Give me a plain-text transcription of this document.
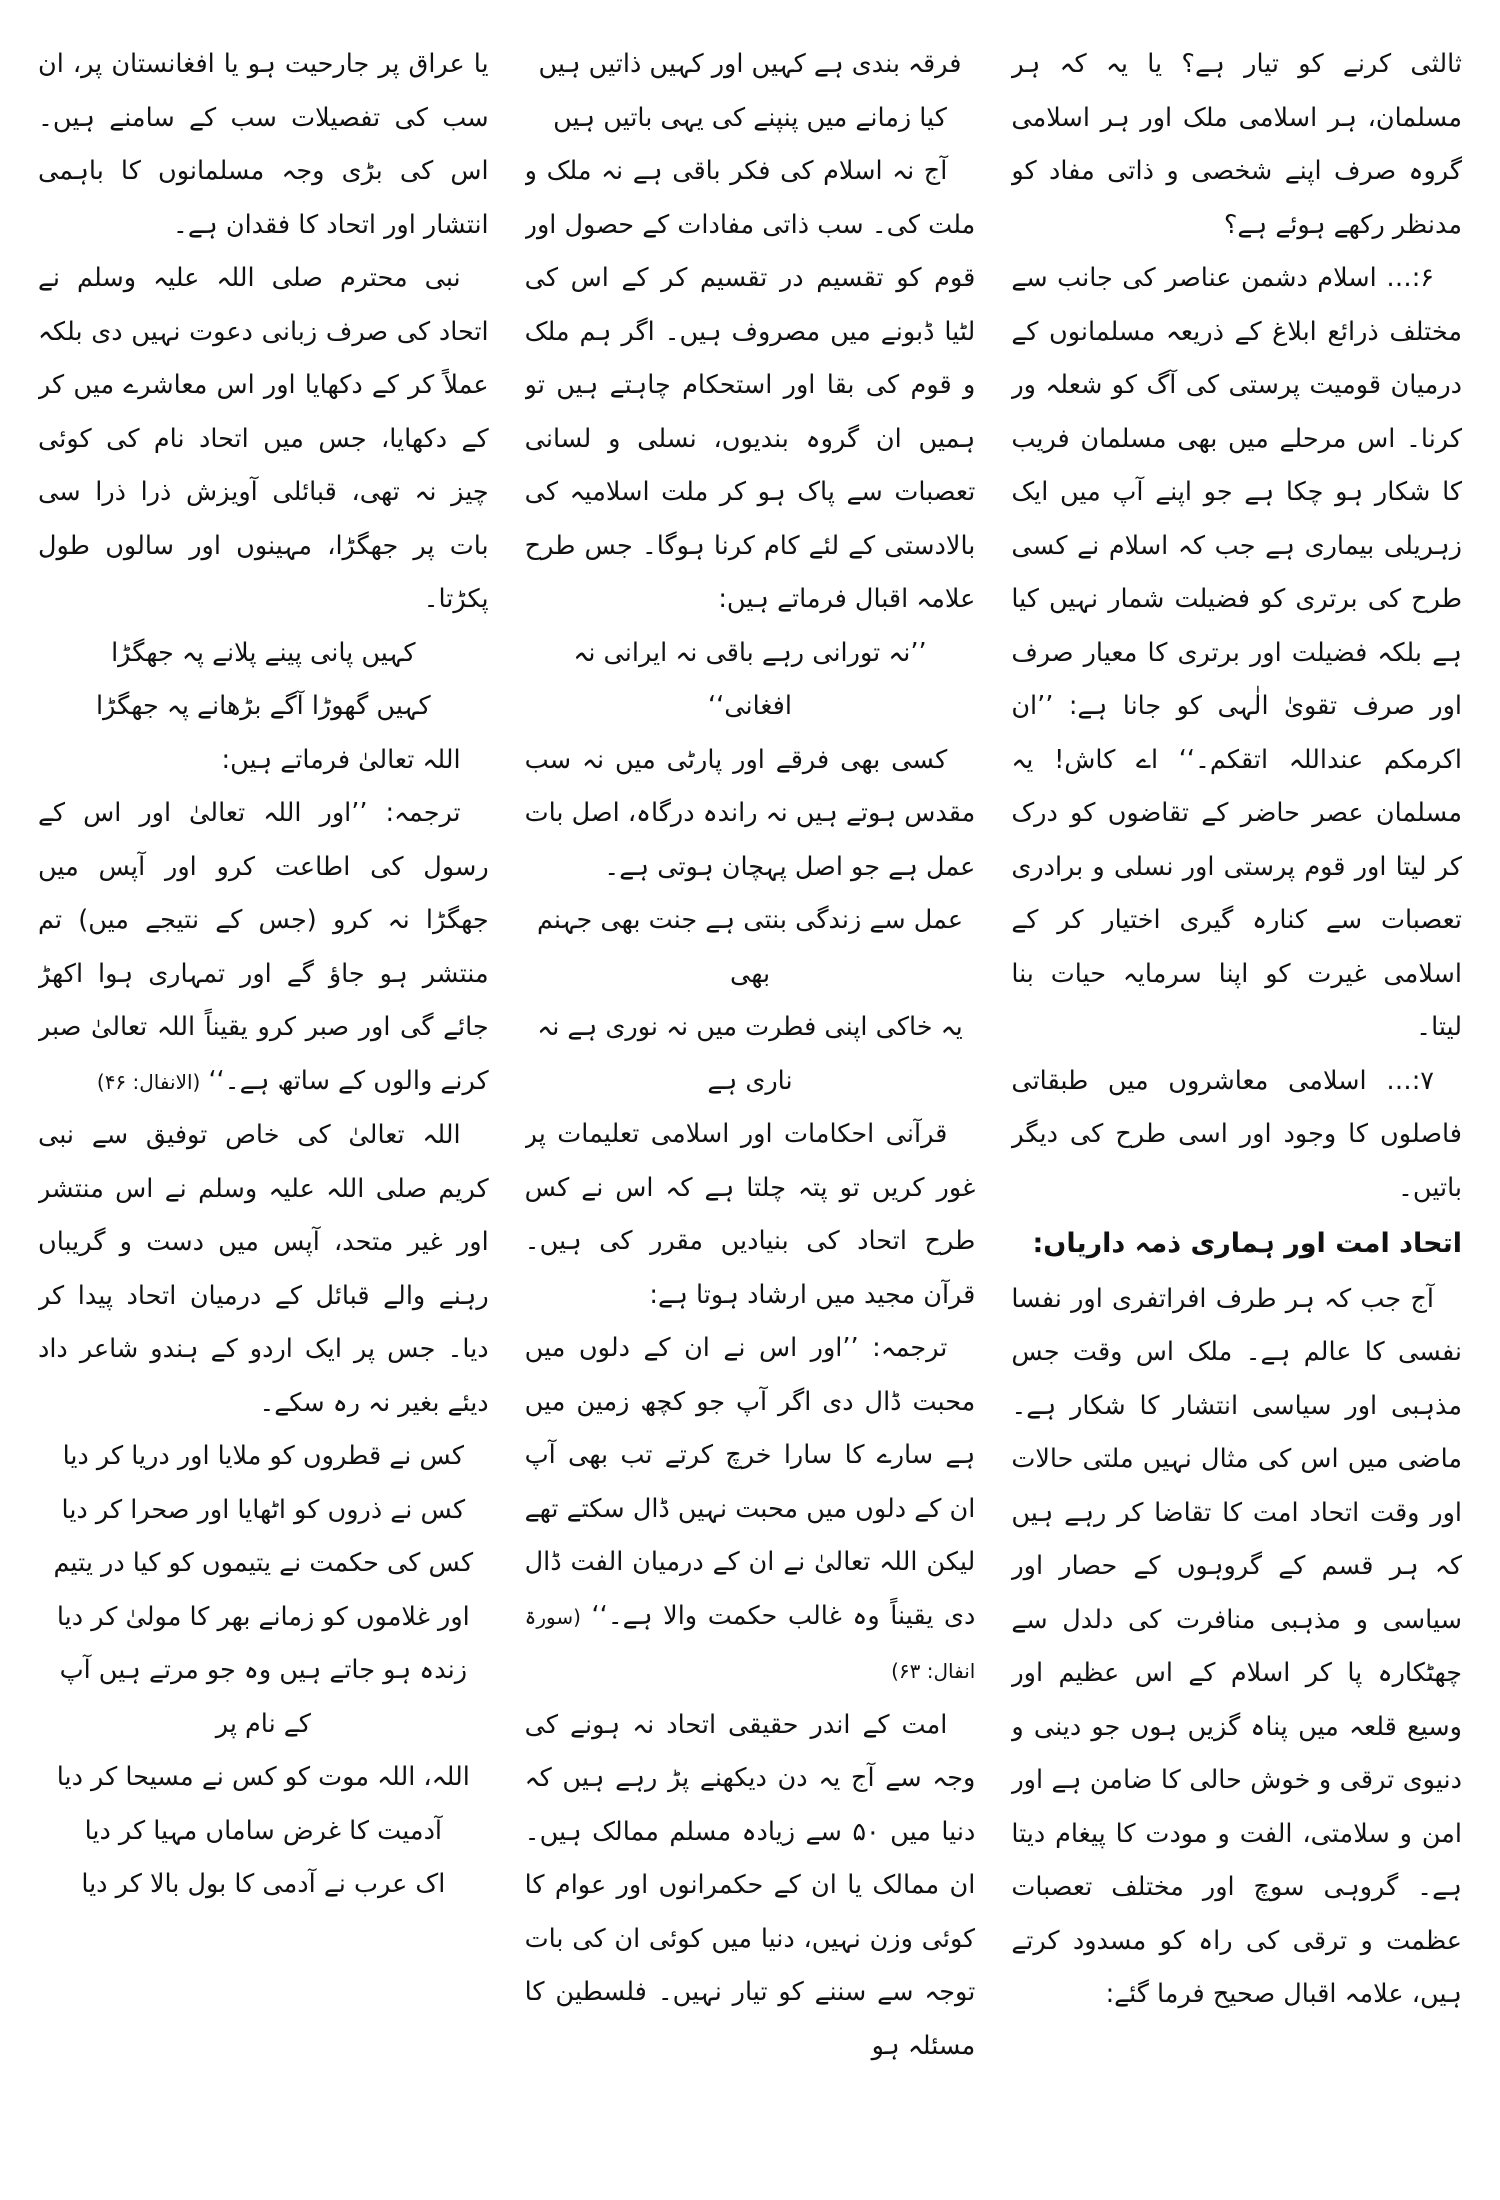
ثالثی کرنے کو تیار ہے؟ یا یہ کہ ہر مسلمان، ہر اسلامی ملک اور ہر اسلامی گروہ صرف اپنے شخصی و ذاتی مفاد کو مدنظر رکھے ہوئے ہے؟

۶:… اسلام دشمن عناصر کی جانب سے مختلف ذرائع ابلاغ کے ذریعہ مسلمانوں کے درمیان قومیت پرستی کی آگ کو شعلہ ور کرنا۔ اس مرحلے میں بھی مسلمان فریب کا شکار ہو چکا ہے جو اپنے آپ میں ایک زہریلی بیماری ہے جب کہ اسلام نے کسی طرح کی برتری کو فضیلت شمار نہیں کیا ہے بلکہ فضیلت اور برتری کا معیار صرف اور صرف تقویٰ الٰہی کو جانا ہے: ’’ان اکرمکم عنداللہ اتقکم۔‘‘ اے کاش! یہ مسلمان عصر حاضر کے تقاضوں کو درک کر لیتا اور قوم پرستی اور نسلی و برادری تعصبات سے کنارہ گیری اختیار کر کے اسلامی غیرت کو اپنا سرمایہ حیات بنا لیتا۔

۷:… اسلامی معاشروں میں طبقاتی فاصلوں کا وجود اور اسی طرح کی دیگر باتیں۔

اتحاد امت اور ہماری ذمہ داریاں:

آج جب کہ ہر طرف افراتفری اور نفسا نفسی کا عالم ہے۔ ملک اس وقت جس مذہبی اور سیاسی انتشار کا شکار ہے۔ ماضی میں اس کی مثال نہیں ملتی حالات اور وقت اتحاد امت کا تقاضا کر رہے ہیں کہ ہر قسم کے گروہوں کے حصار اور سیاسی و مذہبی منافرت کی دلدل سے چھٹکارہ پا کر اسلام کے اس عظیم اور وسیع قلعہ میں پناہ گزیں ہوں جو دینی و دنیوی ترقی و خوش حالی کا ضامن ہے اور امن و سلامتی، الفت و مودت کا پیغام دیتا ہے۔ گروہی سوچ اور مختلف تعصبات عظمت و ترقی کی راہ کو مسدود کرتے ہیں، علامہ اقبال صحیح فرما گئے:

فرقہ بندی ہے کہیں اور کہیں ذاتیں ہیں
کیا زمانے میں پنپنے کی یہی باتیں ہیں

آج نہ اسلام کی فکر باقی ہے نہ ملک و ملت کی۔ سب ذاتی مفادات کے حصول اور قوم کو تقسیم در تقسیم کر کے اس کی لٹیا ڈبونے میں مصروف ہیں۔ اگر ہم ملک و قوم کی بقا اور استحکام چاہتے ہیں تو ہمیں ان گروہ بندیوں، نسلی و لسانی تعصبات سے پاک ہو کر ملت اسلامیہ کی بالادستی کے لئے کام کرنا ہوگا۔ جس طرح علامہ اقبال فرماتے ہیں:

’’نہ تورانی رہے باقی نہ ایرانی نہ افغانی‘‘

کسی بھی فرقے اور پارٹی میں نہ سب مقدس ہوتے ہیں نہ راندہ درگاہ، اصل بات عمل ہے جو اصل پہچان ہوتی ہے۔

عمل سے زندگی بنتی ہے جنت بھی جہنم بھی
یہ خاکی اپنی فطرت میں نہ نوری ہے نہ ناری ہے

قرآنی احکامات اور اسلامی تعلیمات پر غور کریں تو پتہ چلتا ہے کہ اس نے کس طرح اتحاد کی بنیادیں مقرر کی ہیں۔ قرآن مجید میں ارشاد ہوتا ہے:

ترجمہ: ’’اور اس نے ان کے دلوں میں محبت ڈال دی اگر آپ جو کچھ زمین میں ہے سارے کا سارا خرچ کرتے تب بھی آپ ان کے دلوں میں محبت نہیں ڈال سکتے تھے لیکن اللہ تعالیٰ نے ان کے درمیان الفت ڈال دی یقیناً وہ غالب حکمت والا ہے۔‘‘ (سورۃ انفال: ۶۳)

امت کے اندر حقیقی اتحاد نہ ہونے کی وجہ سے آج یہ دن دیکھنے پڑ رہے ہیں کہ دنیا میں ۵۰ سے زیادہ مسلم ممالک ہیں۔ ان ممالک یا ان کے حکمرانوں اور عوام کا کوئی وزن نہیں، دنیا میں کوئی ان کی بات توجہ سے سننے کو تیار نہیں۔ فلسطین کا مسئلہ ہو

یا عراق پر جارحیت ہو یا افغانستان پر، ان سب کی تفصیلات سب کے سامنے ہیں۔ اس کی بڑی وجہ مسلمانوں کا باہمی انتشار اور اتحاد کا فقدان ہے۔

نبی محترم صلی اللہ علیہ وسلم نے اتحاد کی صرف زبانی دعوت نہیں دی بلکہ عملاً کر کے دکھایا اور اس معاشرے میں کر کے دکھایا، جس میں اتحاد نام کی کوئی چیز نہ تھی، قبائلی آویزش ذرا ذرا سی بات پر جھگڑا، مہینوں اور سالوں طول پکڑتا۔

کہیں پانی پینے پلانے پہ جھگڑا
کہیں گھوڑا آگے بڑھانے پہ جھگڑا

اللہ تعالیٰ فرماتے ہیں:

ترجمہ: ’’اور اللہ تعالیٰ اور اس کے رسول کی اطاعت کرو اور آپس میں جھگڑا نہ کرو (جس کے نتیجے میں) تم منتشر ہو جاؤ گے اور تمہاری ہوا اکھڑ جائے گی اور صبر کرو یقیناً اللہ تعالیٰ صبر کرنے والوں کے ساتھ ہے۔‘‘ (الانفال: ۴۶)

اللہ تعالیٰ کی خاص توفیق سے نبی کریم صلی اللہ علیہ وسلم نے اس منتشر اور غیر متحد، آپس میں دست و گریباں رہنے والے قبائل کے درمیان اتحاد پیدا کر دیا۔ جس پر ایک اردو کے ہندو شاعر داد دیئے بغیر نہ رہ سکے۔

کس نے قطروں کو ملایا اور دریا کر دیا
کس نے ذروں کو اٹھایا اور صحرا کر دیا
کس کی حکمت نے یتیموں کو کیا در یتیم
اور غلاموں کو زمانے بھر کا مولیٰ کر دیا
زندہ ہو جاتے ہیں وہ جو مرتے ہیں آپ کے نام پر
اللہ، اللہ موت کو کس نے مسیحا کر دیا
آدمیت کا غرض ساماں مہیا کر دیا
اک عرب نے آدمی کا بول بالا کر دیا
